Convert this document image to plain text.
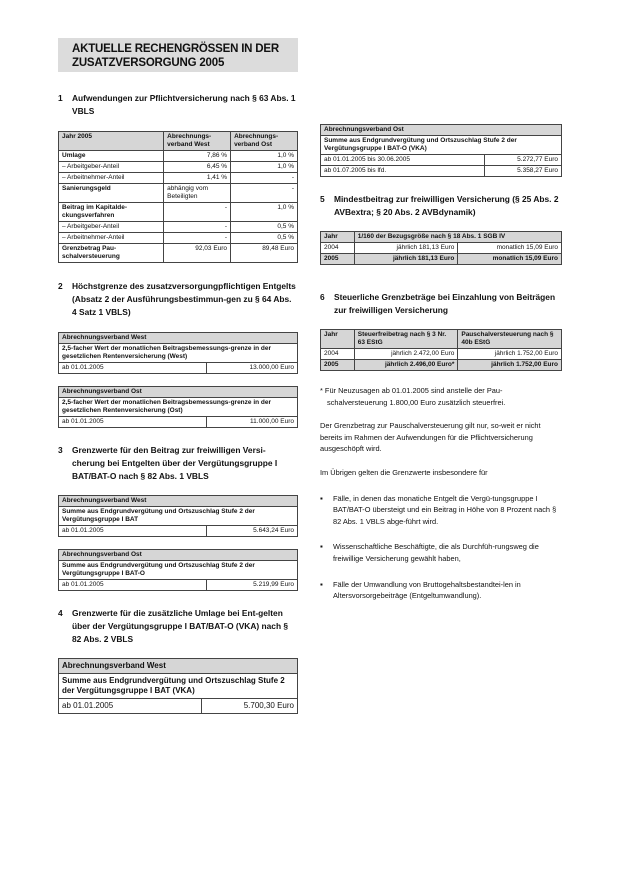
AKTUELLE RECHENGRÖSSEN IN DER ZUSATZVERSORGUNG 2005
1	Aufwendungen zur Pflichtversicherung nach § 63 Abs. 1 VBLS
Jahr 2005	Abrechnungs-verband West	Abrechnungs-verband Ost
Umlage	7,86 %	1,0 %
– Arbeitgeber-Anteil	6,45 %	1,0 %
– Arbeitnehmer-Anteil	1,41 %	-
Sanierungsgeld	abhängig vom Beteiligten	-
Beitrag im Kapitalde-ckungsverfahren	-	1,0 %
– Arbeitgeber-Anteil	-	0,5 %
– Arbeitnehmer-Anteil	-	0,5 %
Grenzbetrag Pau-schalversteuerung	92,03 Euro	89,48 Euro
2	Höchstgrenze des zusatzversorgungpflichtigen Entgelts (Absatz 2 der Ausführungsbestimmun-gen zu § 64 Abs. 4 Satz 1 VBLS)
Abrechnungsverband West
2,5-facher Wert der monatlichen Beitragsbemessungs-grenze in der gesetzlichen Rentenversicherung (West)
ab 01.01.2005	13.000,00 Euro
Abrechnungsverband Ost
2,5-facher Wert der monatlichen Beitragsbemessungs-grenze in der gesetzlichen Rentenversicherung (Ost)
ab 01.01.2005	11.000,00 Euro
3	Grenzwerte für den Beitrag zur freiwilligen Versi-cherung bei Entgelten über der Vergütungsgruppe I BAT/BAT-O nach § 82 Abs. 1 VBLS
Abrechnungsverband West
Summe aus Endgrundvergütung und Ortszuschlag Stufe 2 der Vergütungsgruppe I BAT
ab 01.01.2005	5.643,24 Euro
Abrechnungsverband Ost
Summe aus Endgrundvergütung und Ortszuschlag Stufe 2 der Vergütungsgruppe I BAT-O
ab 01.01.2005	5.219,99 Euro
4	Grenzwerte für die zusätzliche Umlage bei Ent-gelten über der Vergütungsgruppe I BAT/BAT-O (VKA) nach § 82 Abs. 2 VBLS
Abrechnungsverband West
Summe aus Endgrundvergütung und Ortszuschlag Stufe 2 der Vergütungsgruppe I BAT (VKA)
ab 01.01.2005	5.700,30 Euro
Abrechnungsverband Ost	
Summe aus Endgrundvergütung und Ortszuschlag Stufe 2 der Vergütungsgruppe I BAT-O (VKA)	
ab 01.01.2005 bis 30.06.2005	5.272,77 Euro
ab 01.07.2005 bis lfd.	5.358,27 Euro
5	Mindestbeitrag zur freiwilligen Versicherung (§ 25 Abs. 2 AVBextra; § 20 Abs. 2 AVBdynamik)
Jahr	1/160 der Bezugsgröße nach § 18 Abs. 1 SGB IV	
2004	jährlich 181,13 Euro	monatlich 15,09 Euro
2005	jährlich 181,13 Euro	monatlich 15,09 Euro
6	Steuerliche Grenzbeträge bei Einzahlung von Beiträgen zur freiwilligen Versicherung
Jahr	Steuerfreibetrag nach § 3 Nr. 63 EStG	Pauschalversteuerung nach § 40b EStG
2004	jährlich 2.472,00 Euro	jährlich 1.752,00 Euro
2005	jährlich 2.496,00 Euro*	jährlich 1.752,00 Euro
* Für Neuzusagen ab 01.01.2005 sind anstelle der Pau-schalversteuerung 1.800,00 Euro zusätzlich steuerfrei.
Der Grenzbetrag zur Pauschalversteuerung gilt nur, so-weit er nicht bereits im Rahmen der Aufwendungen für die Pflichtversicherung ausgeschöpft wird.
Im Übrigen gelten die Grenzwerte insbesondere für
▪	Fälle, in denen das monatiche Entgelt die Vergü-tungsgruppe I BAT/BAT-O übersteigt und ein Beitrag in Höhe von 8 Prozent nach § 82 Abs. 1 VBLS abge-führt wird.
▪	Wissenschaftliche Beschäftigte, die als Durchfüh-rungsweg die freiwillige Versicherung gewählt haben,
▪	Fälle der Umwandlung von Bruttogehaltsbestandtei-len in Altersvorsorgebeiträge (Entgeltumwandlung).
